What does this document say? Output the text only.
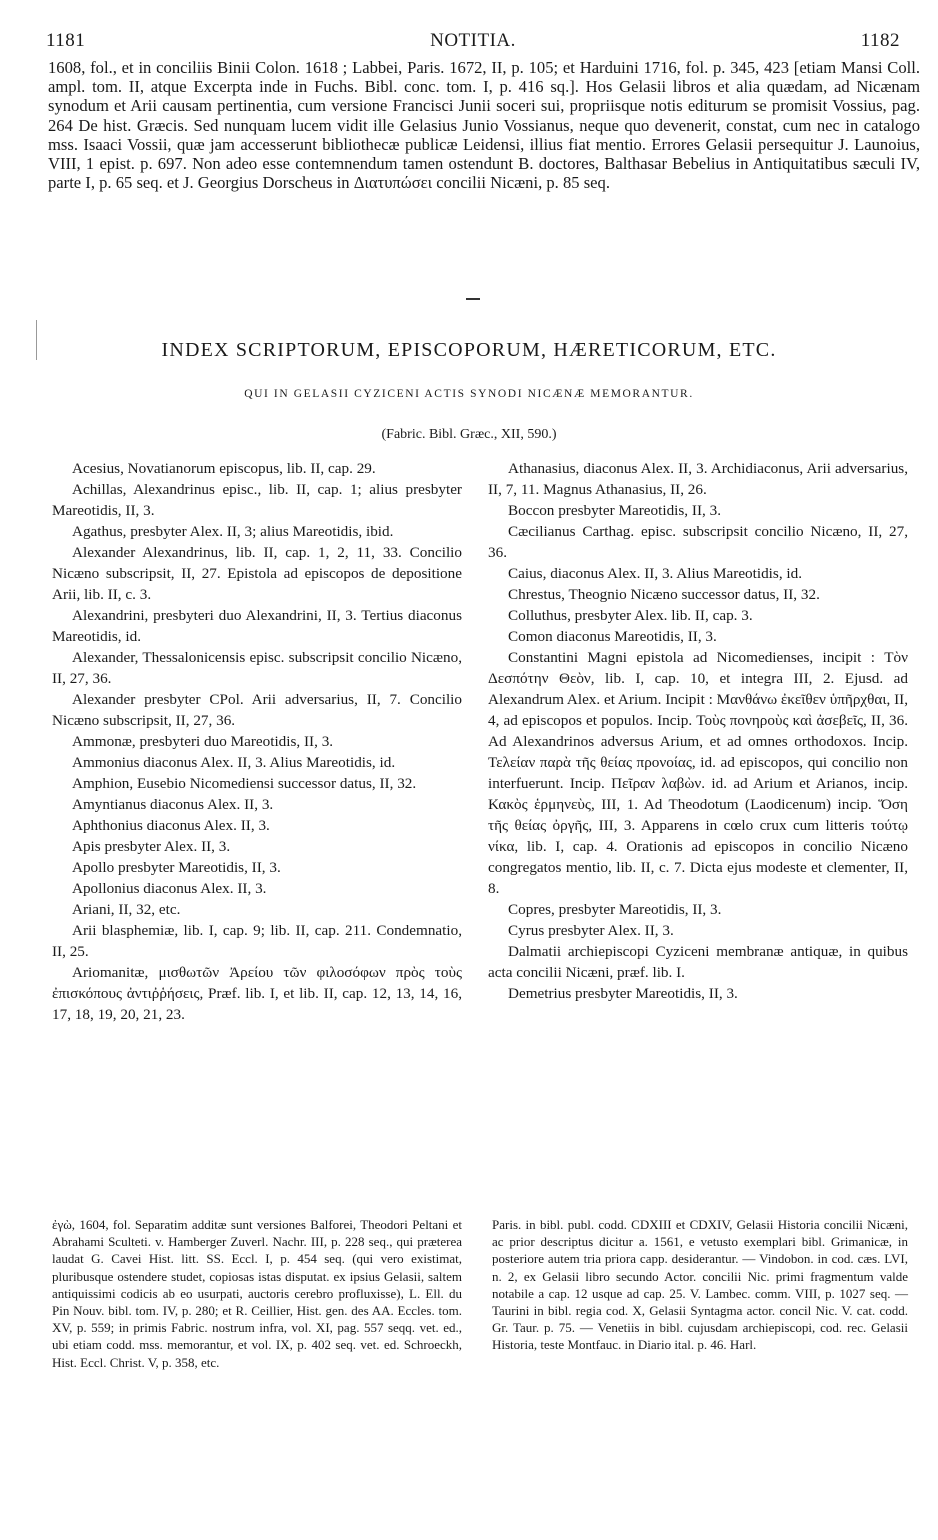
1181	NOTITIA.	1182

1608, fol., et in conciliis Binii Colon. 1618 ; Labbei, Paris. 1672, II, p. 105; et Harduini 1716, fol. p. 345, 423 [etiam Mansi Coll. ampl. tom. II, atque Excerpta inde in Fuchs. Bibl. conc. tom. I, p. 416 sq.]. Hos Gelasii libros et alia quædam, ad Nicænam synodum et Arii causam pertinentia, cum versione Francisci Junii soceri sui, propriisque notis editurum se promisit Vossius, pag. 264 De hist. Græcis. Sed nunquam lucem vidit ille Gelasius Junio Vossianus, neque quo devenerit, constat, cum nec in catalogo mss. Isaaci Vossii, quæ jam accesserunt bibliothecæ publicæ Leidensi, illius fiat mentio. Errores Gelasii persequitur J. Launoius, VIII, 1 epist. p. 697. Non adeo esse contemnendum tamen ostendunt B. doctores, Balthasar Bebelius in Antiquitatibus sæculi IV, parte I, p. 65 seq. et J. Georgius Dorscheus in Διατυπώσει concilii Nicæni, p. 85 seq.

INDEX SCRIPTORUM, EPISCOPORUM, HÆRETICORUM, ETC.
QUI IN GELASII CYZICENI ACTIS SYNODI NICÆNÆ MEMORANTUR.
(Fabric. Bibl. Græc., XII, 590.)

Acesius, Novatianorum episcopus, lib. II, cap. 29.

Achillas, Alexandrinus episc., lib. II, cap. 1; alius presbyter Mareotidis, II, 3.

Agathus, presbyter Alex. II, 3; alius Mareotidis, ibid.

Alexander Alexandrinus, lib. II, cap. 1, 2, 11, 33. Concilio Nicæno subscripsit, II, 27. Epistola ad episcopos de depositione Arii, lib. II, c. 3.

Alexandrini, presbyteri duo Alexandrini, II, 3. Tertius diaconus Mareotidis, id.

Alexander, Thessalonicensis episc. subscripsit concilio Nicæno, II, 27, 36.

Alexander presbyter CPol. Arii adversarius, II, 7. Concilio Nicæno subscripsit, II, 27, 36.

Ammonæ, presbyteri duo Mareotidis, II, 3.

Ammonius diaconus Alex. II, 3. Alius Mareotidis, id.

Amphion, Eusebio Nicomediensi successor datus, II, 32.

Amyntianus diaconus Alex. II, 3.

Aphthonius diaconus Alex. II, 3.

Apis presbyter Alex. II, 3.

Apollo presbyter Mareotidis, II, 3.

Apollonius diaconus Alex. II, 3.

Ariani, II, 32, etc.

Arii blasphemiæ, lib. I, cap. 9; lib. II, cap. 211. Condemnatio, II, 25.

Ariomanitæ, μισθωτῶν Ἀρείου τῶν φιλοσόφων πρὸς τοὺς ἐπισκόπους ἀντιῤῥήσεις, Præf. lib. I, et lib. II, cap. 12, 13, 14, 16, 17, 18, 19, 20, 21, 23.

Athanasius, diaconus Alex. II, 3. Archidiaconus, Arii adversarius, II, 7, 11. Magnus Athanasius, II, 26.

Boccon presbyter Mareotidis, II, 3.

Cæcilianus Carthag. episc. subscripsit concilio Nicæno, II, 27, 36.

Caius, diaconus Alex. II, 3. Alius Mareotidis, id.

Chrestus, Theognio Nicæno successor datus, II, 32.

Colluthus, presbyter Alex. lib. II, cap. 3.

Comon diaconus Mareotidis, II, 3.

Constantini Magni epistola ad Nicomedienses, incipit : Τὸν Δεσπότην Θεὸν, lib. I, cap. 10, et integra III, 2. Ejusd. ad Alexandrum Alex. et Arium. Incipit : Μανθάνω ἐκεῖθεν ὑπῆρχθαι, II, 4, ad episcopos et populos. Incip. Τοὺς πονηροὺς καὶ ἀσεβεῖς, II, 36. Ad Alexandrinos adversus Arium, et ad omnes orthodoxos. Incip. Τελείαν παρὰ τῆς θείας προνοίας, id. ad episcopos, qui concilio non interfuerunt. Incip. Πεῖραν λαβὼν. id. ad Arium et Arianos, incip. Κακὸς ἑρμηνεὺς, III, 1. Ad Theodotum (Laodicenum) incip. Ὅση τῆς θείας ὀργῆς, III, 3. Apparens in cœlo crux cum litteris τούτῳ νίκα, lib. I, cap. 4. Orationis ad episcopos in concilio Nicæno congregatos mentio, lib. II, c. 7. Dicta ejus modeste et clementer, II, 8.

Copres, presbyter Mareotidis, II, 3.

Cyrus presbyter Alex. II, 3.

Dalmatii archiepiscopi Cyziceni membranæ antiquæ, in quibus acta concilii Nicæni, præf. lib. I.

Demetrius presbyter Mareotidis, II, 3.

ἐγὼ, 1604, fol. Separatim additæ sunt versiones Balforei, Theodori Peltani et Abrahami Sculteti. v. Hamberger Zuverl. Nachr. III, p. 228 seq., qui præterea laudat G. Cavei Hist. litt. SS. Eccl. I, p. 454 seq. (qui vero existimat, pluribusque ostendere studet, copiosas istas disputat. ex ipsius Gelasii, saltem antiquissimi codicis ab eo usurpati, auctoris cerebro profluxisse), L. Ell. du Pin Nouv. bibl. tom. IV, p. 280; et R. Ceillier, Hist. gen. des AA. Eccles. tom. XV, p. 559; in primis Fabric. nostrum infra, vol. XI, pag. 557 seqq. vet. ed., ubi etiam codd. mss. memorantur, et vol. IX, p. 402 seq. vet. ed. Schroeckh, Hist. Eccl. Christ. V, p. 358, etc.

Paris. in bibl. publ. codd. CDXIII et CDXIV, Gelasii Historia concilii Nicæni, ac prior descriptus dicitur a. 1561, e vetusto exemplari bibl. Grimanicæ, in posteriore autem tria priora capp. desiderantur. — Vindobon. in cod. cæs. LVI, n. 2, ex Gelasii libro secundo Actor. concilii Nic. primi fragmentum valde notabile a cap. 12 usque ad cap. 25. V. Lambec. comm. VIII, p. 1027 seq. — Taurini in bibl. regia cod. X, Gelasii Syntagma actor. concil Nic. V. cat. codd. Gr. Taur. p. 75. — Venetiis in bibl. cujusdam archiepiscopi, cod. rec. Gelasii Historia, teste Montfauc. in Diario ital. p. 46. Harl.
